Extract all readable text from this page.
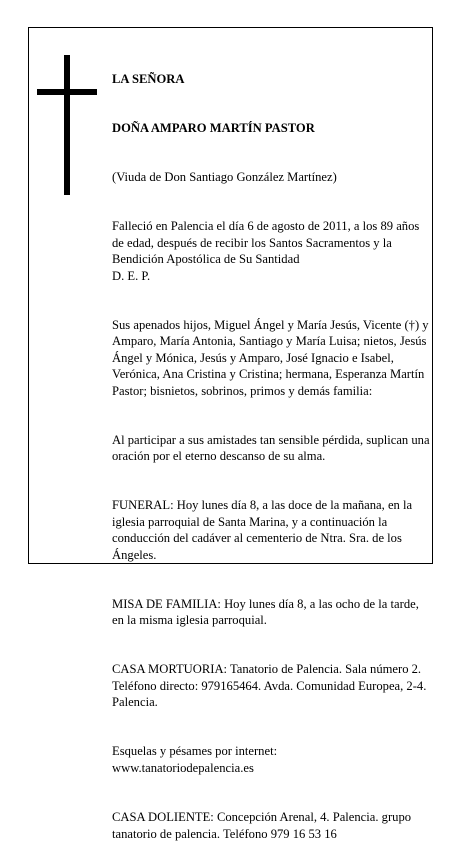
LA SEÑORA

DOÑA AMPARO MARTÍN PASTOR

(Viuda de Don Santiago González Martínez)

Falleció en Palencia el día 6 de agosto de 2011, a los 89 años de edad, después de recibir los Santos Sacramentos y la Bendición Apostólica de Su Santidad
D. E. P.

Sus apenados hijos, Miguel Ángel y María Jesús, Vicente (†) y Amparo, María Antonia, Santiago y María Luisa; nietos, Jesús Ángel y Mónica, Jesús y Amparo, José Ignacio e Isabel, Verónica, Ana Cristina y Cristina; hermana, Esperanza Martín Pastor; bisnietos, sobrinos, primos y demás familia:

Al participar a sus amistades tan sensible pérdida, suplican una oración por el eterno descanso de su alma.

FUNERAL: Hoy lunes día 8, a las doce de la mañana, en la iglesia parroquial de Santa Marina, y a continuación la conducción del cadáver al cementerio de Ntra. Sra. de los Ángeles.

MISA DE FAMILIA: Hoy lunes día 8, a las ocho de la tarde, en la misma iglesia parroquial.

CASA MORTUORIA: Tanatorio de Palencia. Sala número 2. Teléfono directo: 979165464. Avda. Comunidad Europea, 2-4. Palencia.

Esquelas y pésames por internet:
www.tanatoriodepalencia.es

CASA DOLIENTE: Concepción Arenal, 4. Palencia. grupo tanatorio de palencia. Teléfono 979 16 53 16
